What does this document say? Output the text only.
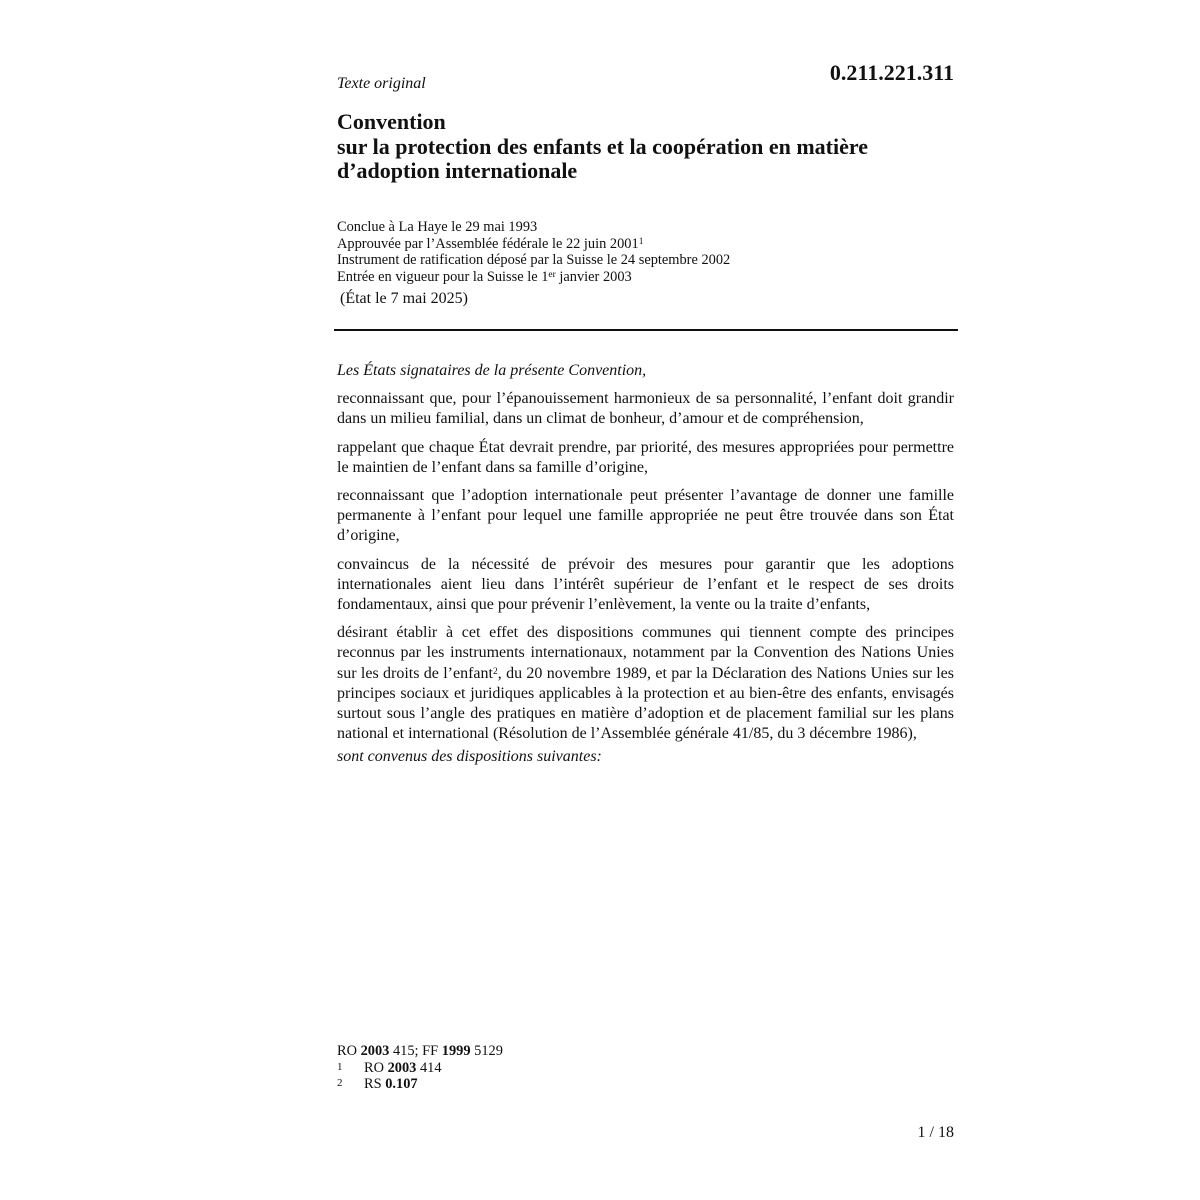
Texte original	0.211.221.311
Convention
sur la protection des enfants et la coopération en matière
d’adoption internationale
Conclue à La Haye le 29 mai 1993
Approuvée par l’Assemblée fédérale le 22 juin 2001$^1$
Instrument de ratification déposé par la Suisse le 24 septembre 2002
Entrée en vigueur pour la Suisse le 1er janvier 2003
(État le 7 mai 2025)

Les États signataires de la présente Convention,

reconnaissant que, pour l’épanouissement harmonieux de sa personnalité, l’enfant doit grandir dans un milieu familial, dans un climat de bonheur, d’amour et de compréhension,

rappelant que chaque État devrait prendre, par priorité, des mesures appropriées pour permettre le maintien de l’enfant dans sa famille d’origine,

reconnaissant que l’adoption internationale peut présenter l’avantage de donner une famille permanente à l’enfant pour lequel une famille appropriée ne peut être trouvée dans son État d’origine,

convaincus de la nécessité de prévoir des mesures pour garantir que les adoptions internationales aient lieu dans l’intérêt supérieur de l’enfant et le respect de ses droits fondamentaux, ainsi que pour prévenir l’enlèvement, la vente ou la traite d’enfants,

désirant établir à cet effet des dispositions communes qui tiennent compte des principes reconnus par les instruments internationaux, notamment par la Convention des Nations Unies sur les droits de l’enfant$^2$, du 20 novembre 1989, et par la Déclaration des Nations Unies sur les principes sociaux et juridiques applicables à la protection et au bien-être des enfants, envisagés surtout sous l’angle des pratiques en matière d’adoption et de placement familial sur les plans national et international (Résolution de l’Assemblée générale 41/85, du 3 décembre 1986),

sont convenus des dispositions suivantes:

RO 2003 415; FF 1999 5129
1 RO 2003 414
2 RS 0.107
1 / 18
